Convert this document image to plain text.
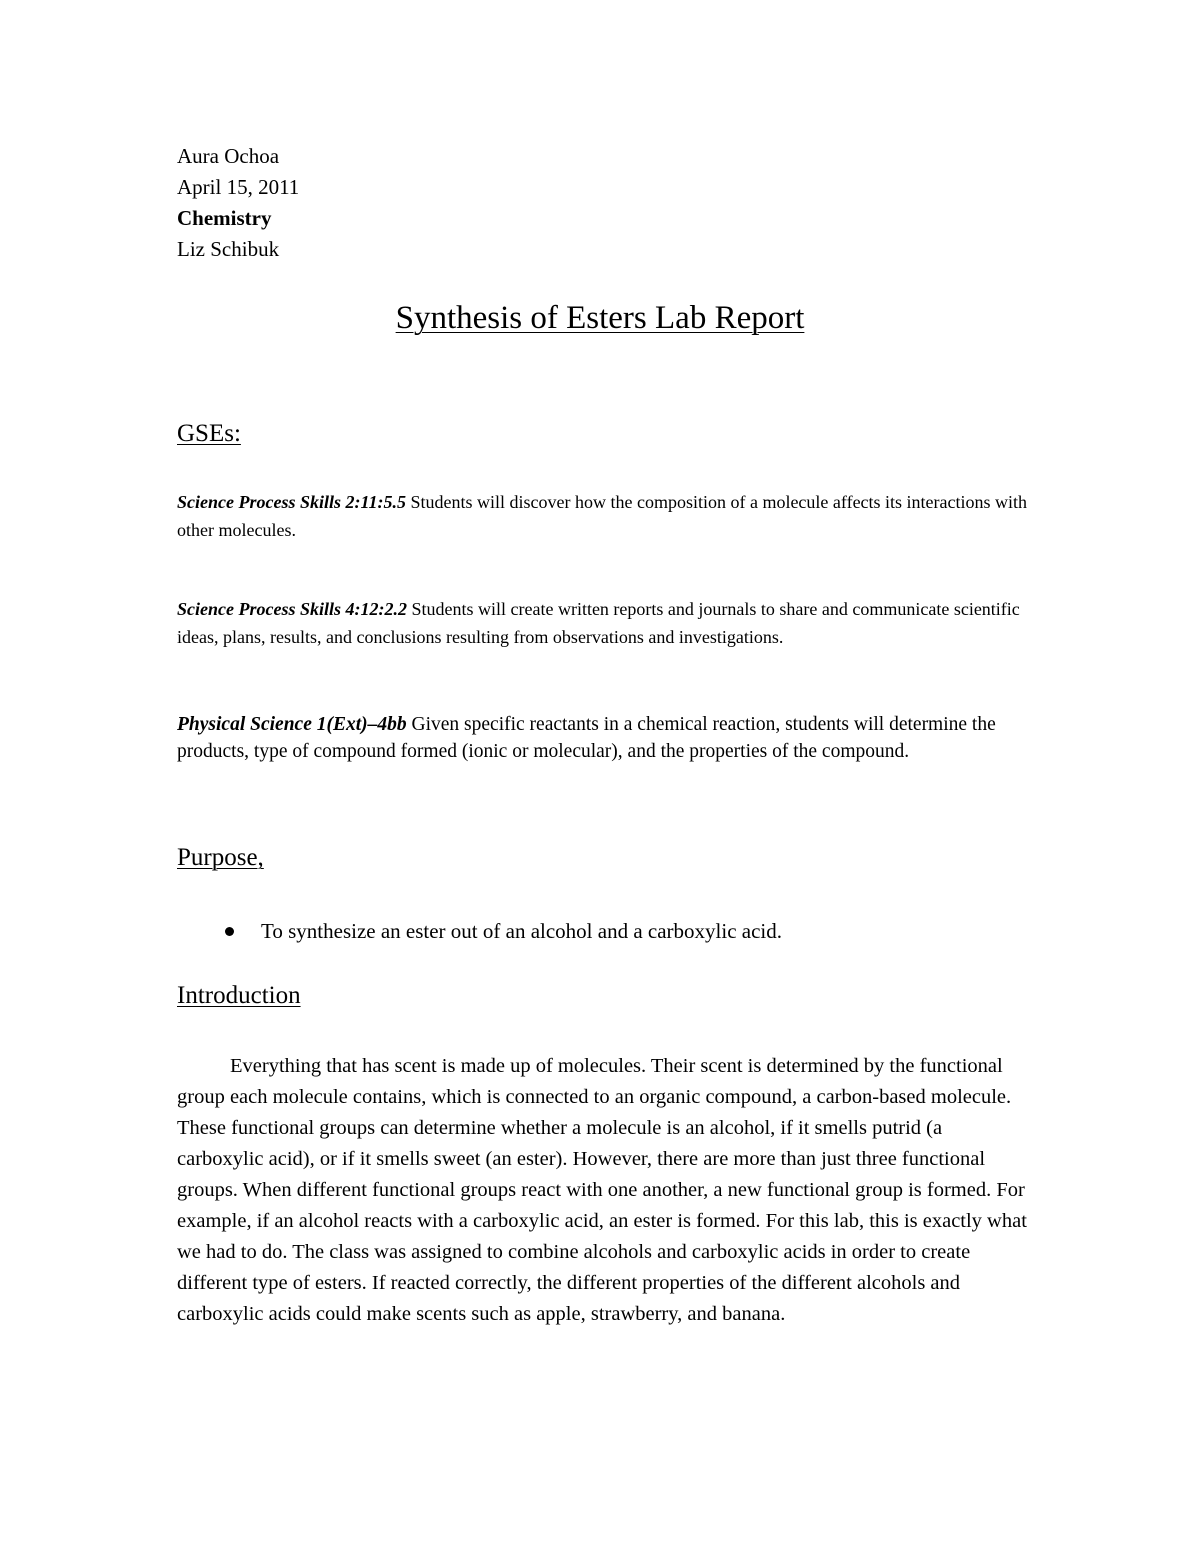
Aura Ochoa
April 15, 2011
Chemistry
Liz Schibuk
Synthesis of Esters Lab Report
GSEs:
Science Process Skills 2:11:5.5 Students will discover how the composition of a molecule affects its interactions with other molecules.
Science Process Skills 4:12:2.2 Students will create written reports and journals to share and communicate scientific ideas, plans, results, and conclusions resulting from observations and investigations.
Physical Science 1(Ext)–4bb Given specific reactants in a chemical reaction, students will determine the products, type of compound formed (ionic or molecular), and the properties of the compound.
Purpose,
To synthesize an ester out of an alcohol and a carboxylic acid.
Introduction
Everything that has scent is made up of molecules. Their scent is determined by the functional group each molecule contains, which is connected to an organic compound, a carbon-based molecule. These functional groups can determine whether a molecule is an alcohol, if it smells putrid (a carboxylic acid), or if it smells sweet (an ester). However, there are more than just three functional groups. When different functional groups react with one another, a new functional group is formed. For example, if an alcohol reacts with a carboxylic acid, an ester is formed. For this lab, this is exactly what we had to do. The class was assigned to combine alcohols and carboxylic acids in order to create different type of esters. If reacted correctly, the different properties of the different alcohols and carboxylic acids could make scents such as apple, strawberry, and banana.
